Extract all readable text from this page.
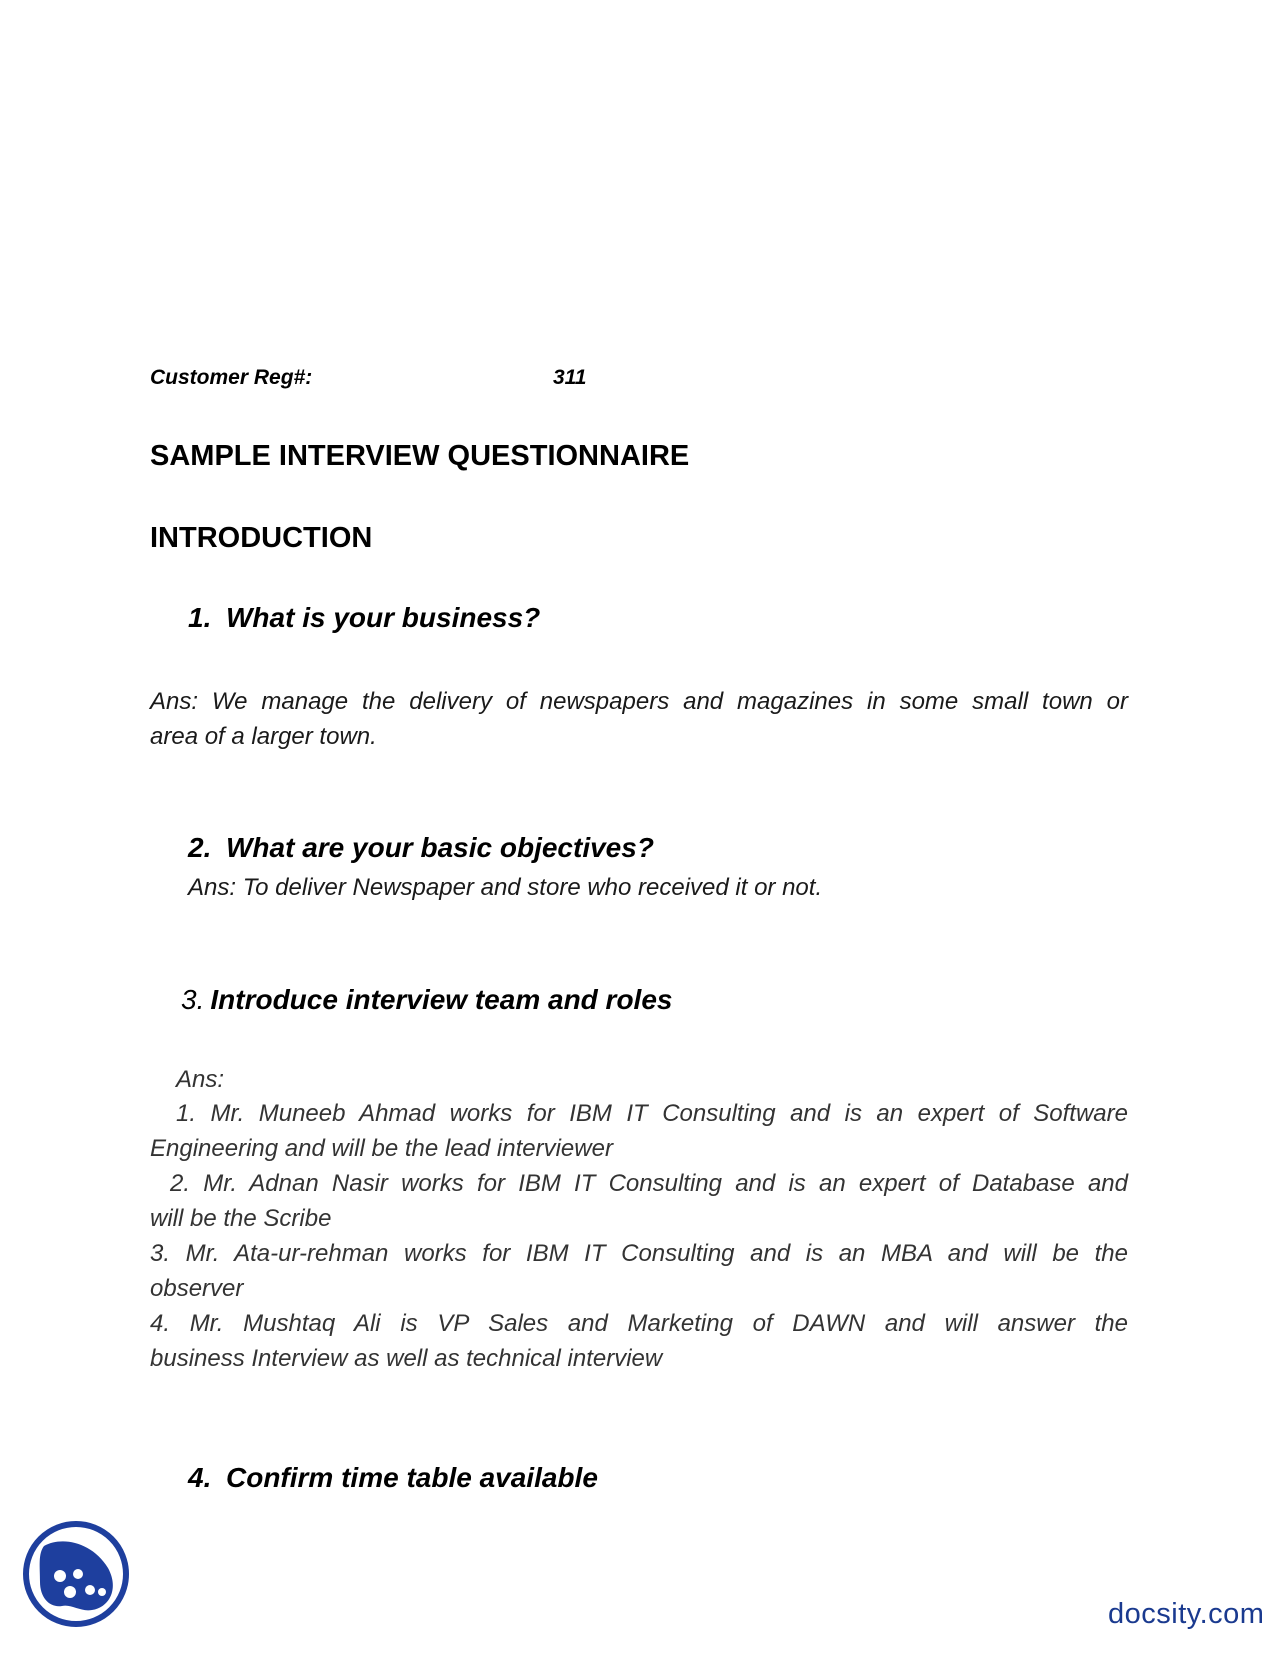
Customer Reg#:	311
SAMPLE INTERVIEW QUESTIONNAIRE
INTRODUCTION
1. What is your business?
Ans: We manage the delivery of newspapers and magazines in some small town or
area of a larger town.
2. What are your basic objectives?
Ans: To deliver Newspaper and store who received it or not.
3. Introduce interview team and roles
Ans:
1. Mr. Muneeb Ahmad works for IBM IT Consulting and is an expert of Software
Engineering and will be the lead interviewer
2. Mr. Adnan Nasir works for IBM IT Consulting and is an expert of Database and
will be the Scribe
3. Mr. Ata-ur-rehman works for IBM IT Consulting and is an MBA and will be the
observer
4. Mr. Mushtaq Ali is VP Sales and Marketing of DAWN and will answer the
business Interview as well as technical interview
4. Confirm time table available
docsity.com
